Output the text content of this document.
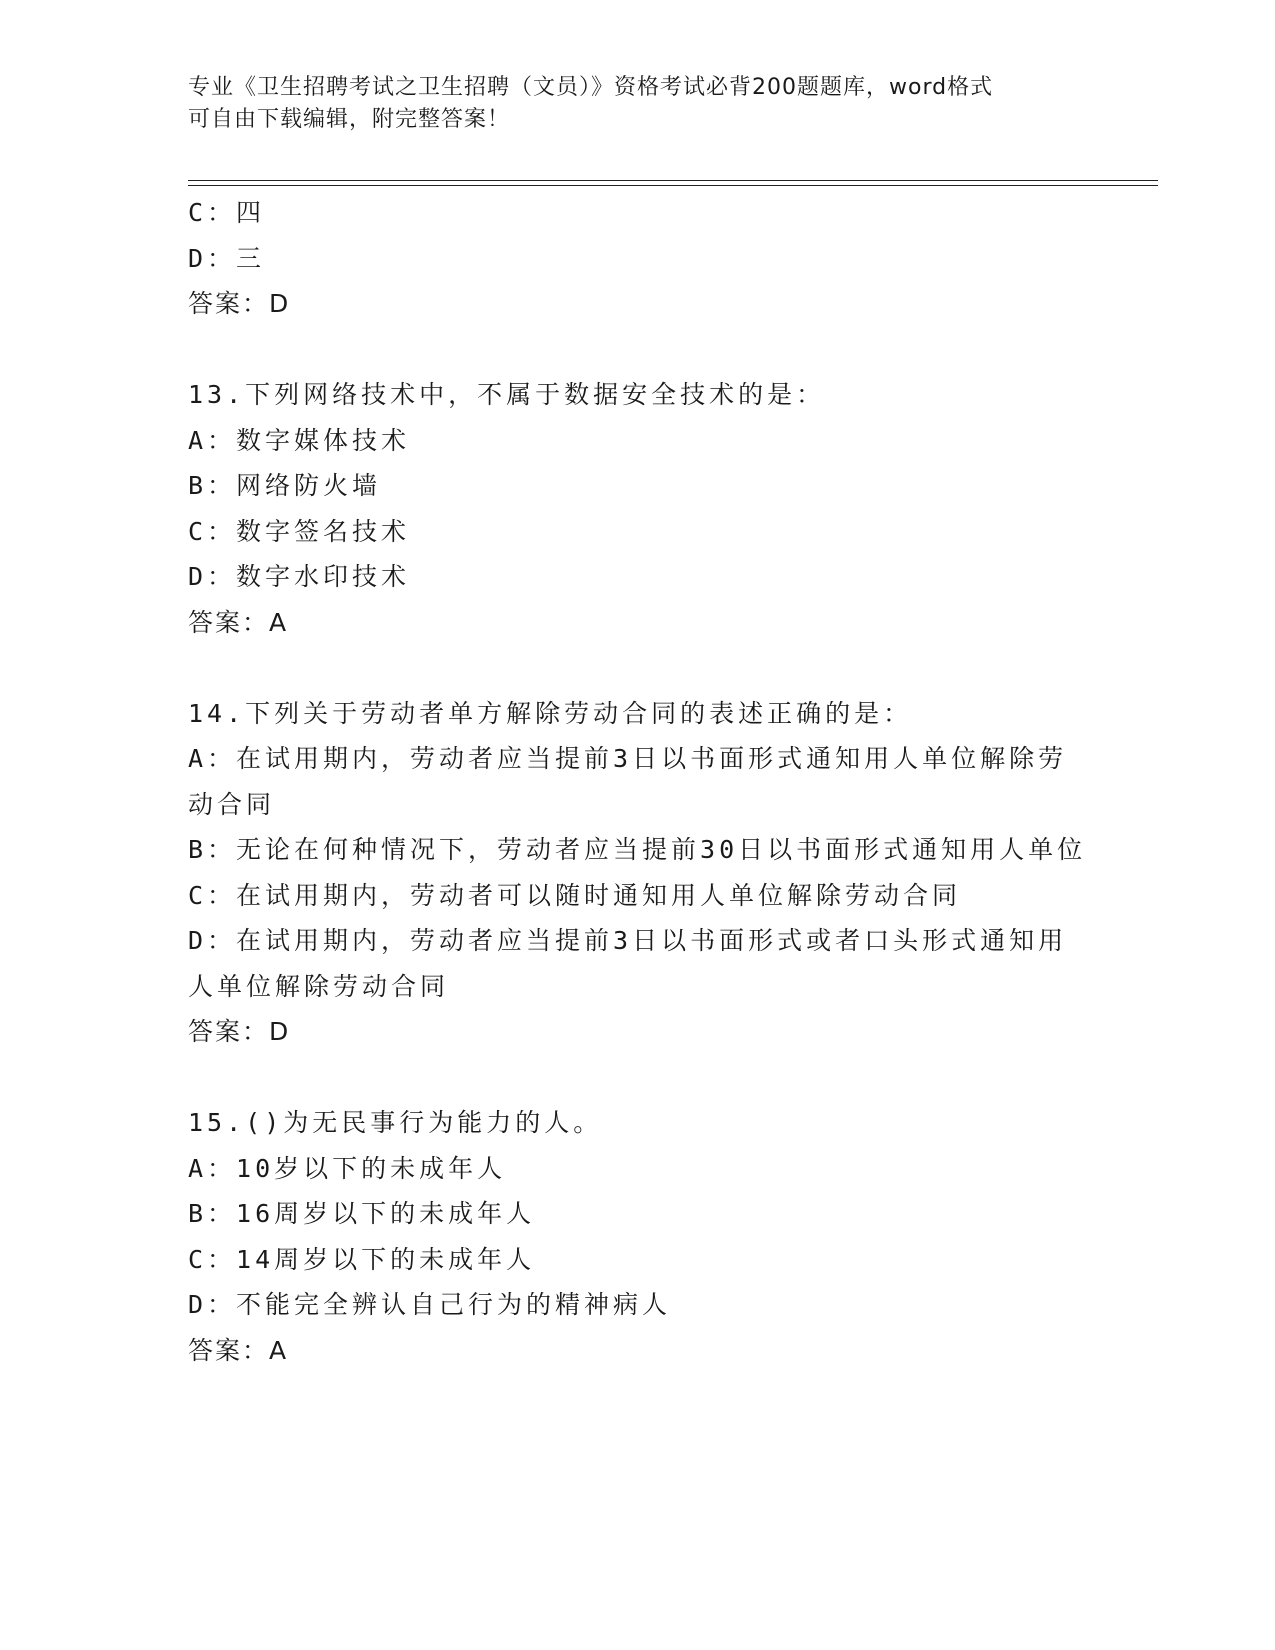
专业《卫生招聘考试之卫生招聘（文员）》资格考试必背200题题库，word格式
可自由下载编辑，附完整答案！
C：四
D：三
答案：D
13.下列网络技术中，不属于数据安全技术的是：
A：数字媒体技术
B：网络防火墙
C：数字签名技术
D：数字水印技术
答案：A
14.下列关于劳动者单方解除劳动合同的表述正确的是：
A：在试用期内，劳动者应当提前3日以书面形式通知用人单位解除劳动合同
B：无论在何种情况下，劳动者应当提前30日以书面形式通知用人单位
C：在试用期内，劳动者可以随时通知用人单位解除劳动合同
D：在试用期内，劳动者应当提前3日以书面形式或者口头形式通知用人单位解除劳动合同
答案：D
15.()为无民事行为能力的人。
A：10岁以下的未成年人
B：16周岁以下的未成年人
C：14周岁以下的未成年人
D：不能完全辨认自己行为的精神病人
答案：A
